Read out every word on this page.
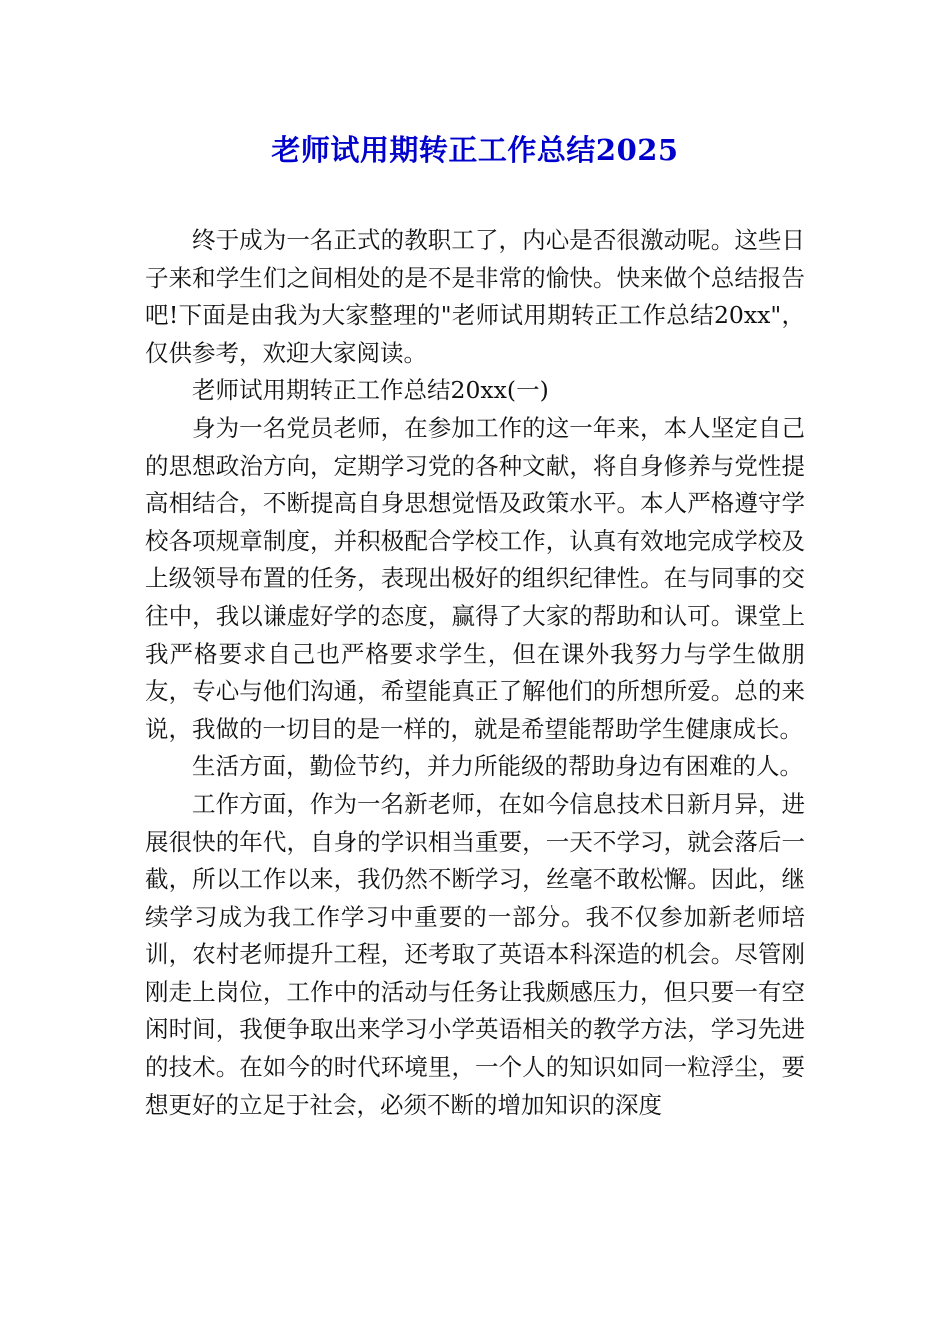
老师试用期转正工作总结2025

终于成为一名正式的教职工了，内心是否很激动呢。这些日子来和学生们之间相处的是不是非常的愉快。快来做个总结报告吧!下面是由我为大家整理的"老师试用期转正工作总结20xx"，仅供参考，欢迎大家阅读。

老师试用期转正工作总结20xx(一)

身为一名党员老师，在参加工作的这一年来，本人坚定自己的思想政治方向，定期学习党的各种文献，将自身修养与党性提高相结合，不断提高自身思想觉悟及政策水平。本人严格遵守学校各项规章制度，并积极配合学校工作，认真有效地完成学校及上级领导布置的任务，表现出极好的组织纪律性。在与同事的交往中，我以谦虚好学的态度，赢得了大家的帮助和认可。课堂上我严格要求自己也严格要求学生，但在课外我努力与学生做朋友，专心与他们沟通，希望能真正了解他们的所想所爱。总的来说，我做的一切目的是一样的，就是希望能帮助学生健康成长。

生活方面，勤俭节约，并力所能级的帮助身边有困难的人。

工作方面，作为一名新老师，在如今信息技术日新月异，进展很快的年代，自身的学识相当重要，一天不学习，就会落后一截，所以工作以来，我仍然不断学习，丝毫不敢松懈。因此，继续学习成为我工作学习中重要的一部分。我不仅参加新老师培训，农村老师提升工程，还考取了英语本科深造的机会。尽管刚刚走上岗位，工作中的活动与任务让我颇感压力，但只要一有空闲时间，我便争取出来学习小学英语相关的教学方法，学习先进的技术。在如今的时代环境里，一个人的知识如同一粒浮尘，要想更好的立足于社会，必须不断的增加知识的深度
